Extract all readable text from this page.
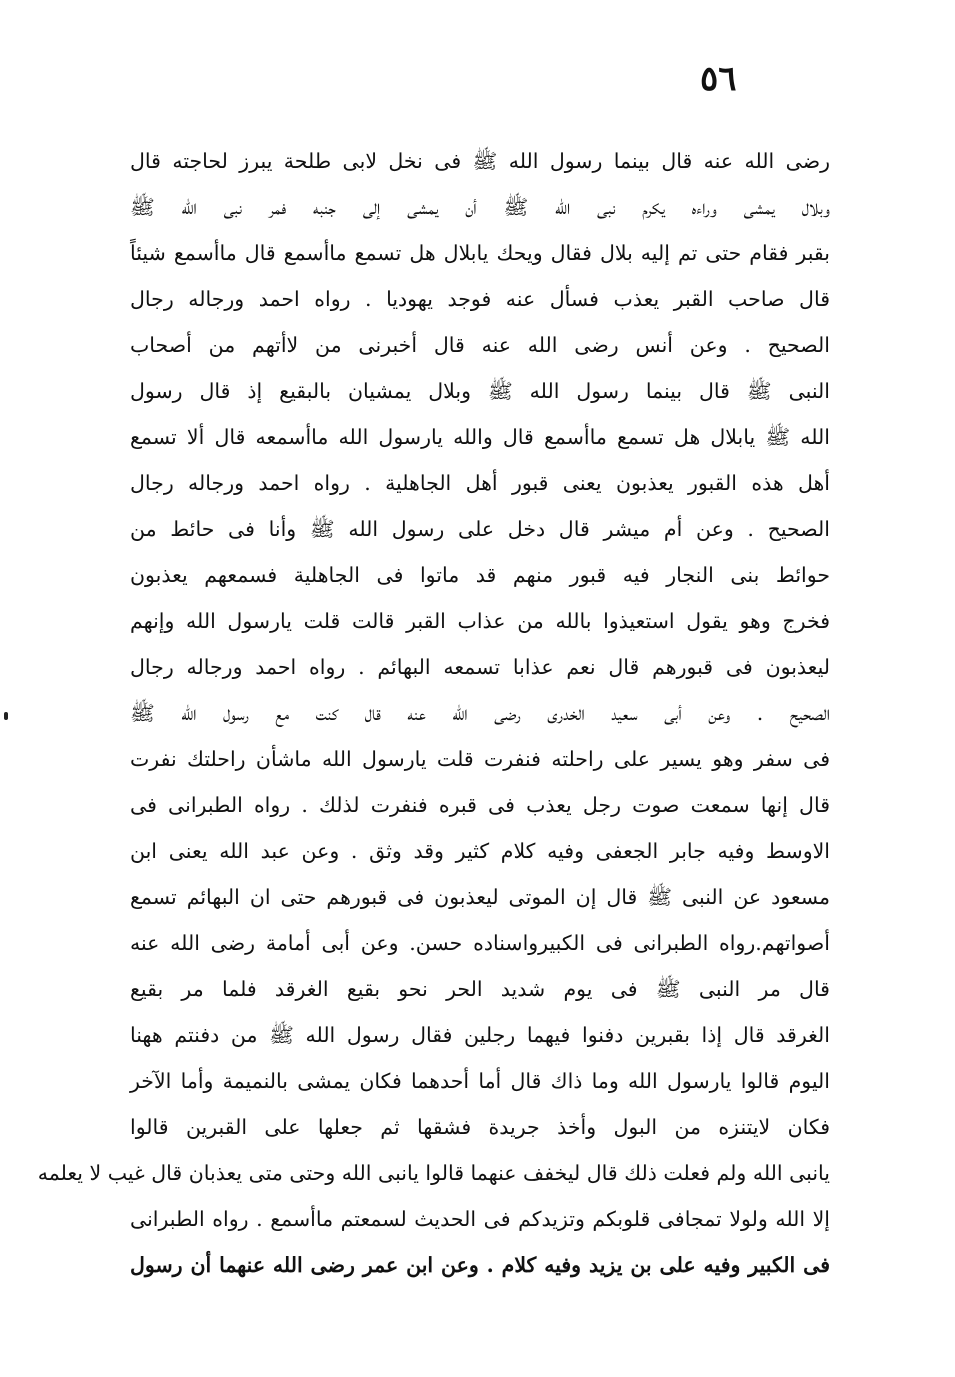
٥٦
رضى الله عنه قال بينما رسول الله ﷺ فى نخل لابى طلحة يبرز لحاجته قال
وبلال يمشى وراءه يكرم نبى الله ﷺ أن يمشى إلى جنبه فمر نبى الله ﷺ
بقبر فقام حتى تم إليه بلال فقال ويحك يابلال هل تسمع ماأسمع قال ماأسمع شيئاً
قال صاحب القبر يعذب فسأل عنه فوجد يهوديا . رواه احمد ورجاله رجال
الصحيح . وعن أنس رضى الله عنه قال أخبرنى من لاأتهم من أصحاب
النبى ﷺ قال بينما رسول الله ﷺ وبلال يمشيان بالبقيع إذ قال رسول
الله ﷺ يابلال هل تسمع ماأسمع قال والله يارسول الله ماأسمعه قال ألا تسمع
أهل هذه القبور يعذبون يعنى قبور أهل الجاهلية . رواه احمد ورجاله رجال
الصحيح . وعن أم ميشر قال دخل على رسول الله ﷺ وأنا فى حائط من
حوائط بنى النجار فيه قبور منهم قد ماتوا فى الجاهلية فسمعهم يعذبون
فخرج وهو يقول استعيذوا بالله من عذاب القبر قالت قلت يارسول الله وإنهم
ليعذبون فى قبورهم قال نعم عذابا تسمعه البهائم . رواه احمد ورجاله رجال
الصحيح . وعن أبى سعيد الخدرى رضى الله عنه قال كنت مع رسول الله ﷺ
فى سفر وهو يسير على راحلته فنفرت قلت يارسول الله ماشأن راحلتك نفرت
قال إنها سمعت صوت رجل يعذب فى قبره فنفرت لذلك . رواه الطبرانى فى
الاوسط وفيه جابر الجعفى وفيه كلام كثير وقد وثق . وعن عبد الله يعنى ابن
مسعود عن النبى ﷺ قال إن الموتى ليعذبون فى قبورهم حتى ان البهائم تسمع
أصواتهم.رواه الطبرانى فى الكبيرواسناده حسن. وعن أبى أمامة رضى الله عنه
قال مر النبى ﷺ فى يوم شديد الحر نحو بقيع الغرقد فلما مر بقيع
الغرقد قال إذا بقبرين دفنوا فيهما رجلين فقال رسول الله ﷺ من دفنتم ههنا
اليوم قالوا يارسول الله وما ذاك قال أما أحدهما فكان يمشى بالنميمة وأما الآخر
فكان لايتنزه من البول وأخذ جريدة فشقها ثم جعلها على القبرين قالوا
يانبى الله ولم فعلت ذلك قال ليخفف عنهما قالوا يانبى الله وحتى متى يعذبان قال غيب لا يعلمه
إلا الله ولولا تمجافى قلوبكم وتزيدكم فى الحديث لسمعتم ماأسمع . رواه الطبرانى
فى الكبير وفيه على بن يزيد وفيه كلام . وعن ابن عمر رضى الله عنهما أن رسول
